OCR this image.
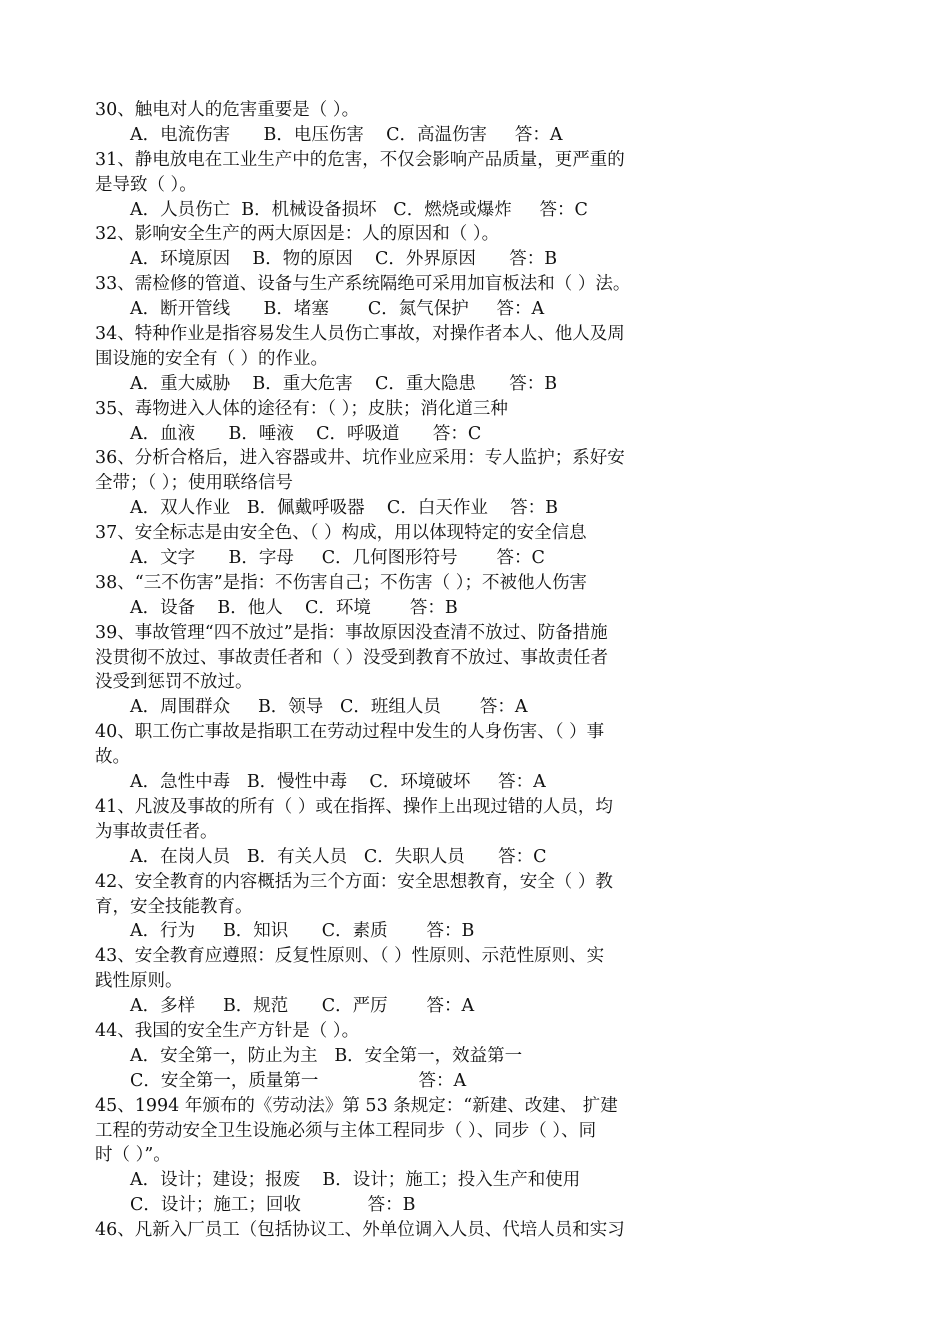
30、触电对人的危害重要是（ ）。
A．电流伤害      B．电压伤害    C．高温伤害     答：A
31、静电放电在工业生产中的危害，不仅会影响产品质量，更严重的
是导致（ ）。
A．人员伤亡  B．机械设备损坏   C．燃烧或爆炸     答：C
32、影响安全生产的两大原因是：人的原因和（ ）。
A．环境原因    B．物的原因    C．外界原因      答：B
33、需检修的管道、设备与生产系统隔绝可采用加盲板法和（ ）法。
A．断开管线      B．堵塞       C．氮气保护     答：A
34、特种作业是指容易发生人员伤亡事故，对操作者本人、他人及周
围设施的安全有（ ）的作业。
A．重大威胁    B．重大危害    C．重大隐患      答：B
35、毒物进入人体的途径有：（ ）；皮肤；消化道三种
A．血液      B．唾液    C．呼吸道      答：C
36、分析合格后，进入容器或井、坑作业应采用：专人监护；系好安
全带；（ ）；使用联络信号
A．双人作业   B．佩戴呼吸器    C．白天作业    答：B
37、安全标志是由安全色、（ ）构成，用以体现特定的安全信息
A．文字      B．字母     C．几何图形符号       答：C
38、“三不伤害”是指：不伤害自己；不伤害（ ）；不被他人伤害
A．设备    B．他人    C．环境       答：B
39、事故管理“四不放过”是指：事故原因没查清不放过、防备措施
没贯彻不放过、事故责任者和（ ）没受到教育不放过、事故责任者
没受到惩罚不放过。
A．周围群众     B．领导   C．班组人员       答：A
40、职工伤亡事故是指职工在劳动过程中发生的人身伤害、（ ）事
故。
A．急性中毒   B．慢性中毒    C．环境破坏     答：A
41、凡波及事故的所有（ ）或在指挥、操作上出现过错的人员，均
为事故责任者。
A．在岗人员   B．有关人员   C．失职人员      答：C
42、安全教育的内容概括为三个方面：安全思想教育，安全（ ）教
育，安全技能教育。
A．行为     B．知识      C．素质       答：B
43、安全教育应遵照：反复性原则、（ ）性原则、示范性原则、实
践性原则。
A．多样     B．规范      C．严厉       答：A
44、我国的安全生产方针是（ ）。
A．安全第一，防止为主   B．安全第一，效益第一
C．安全第一，质量第一                  答：A
45、1994 年颁布的《劳动法》第 53 条规定：“新建、改建、 扩建
工程的劳动安全卫生设施必须与主体工程同步（ ）、同步（ ）、同
时（ ）”。
A．设计；建设；报废    B．设计；施工；投入生产和使用
C．设计；施工；回收            答：B
46、凡新入厂员工（包括协议工、外单位调入人员、代培人员和实习
